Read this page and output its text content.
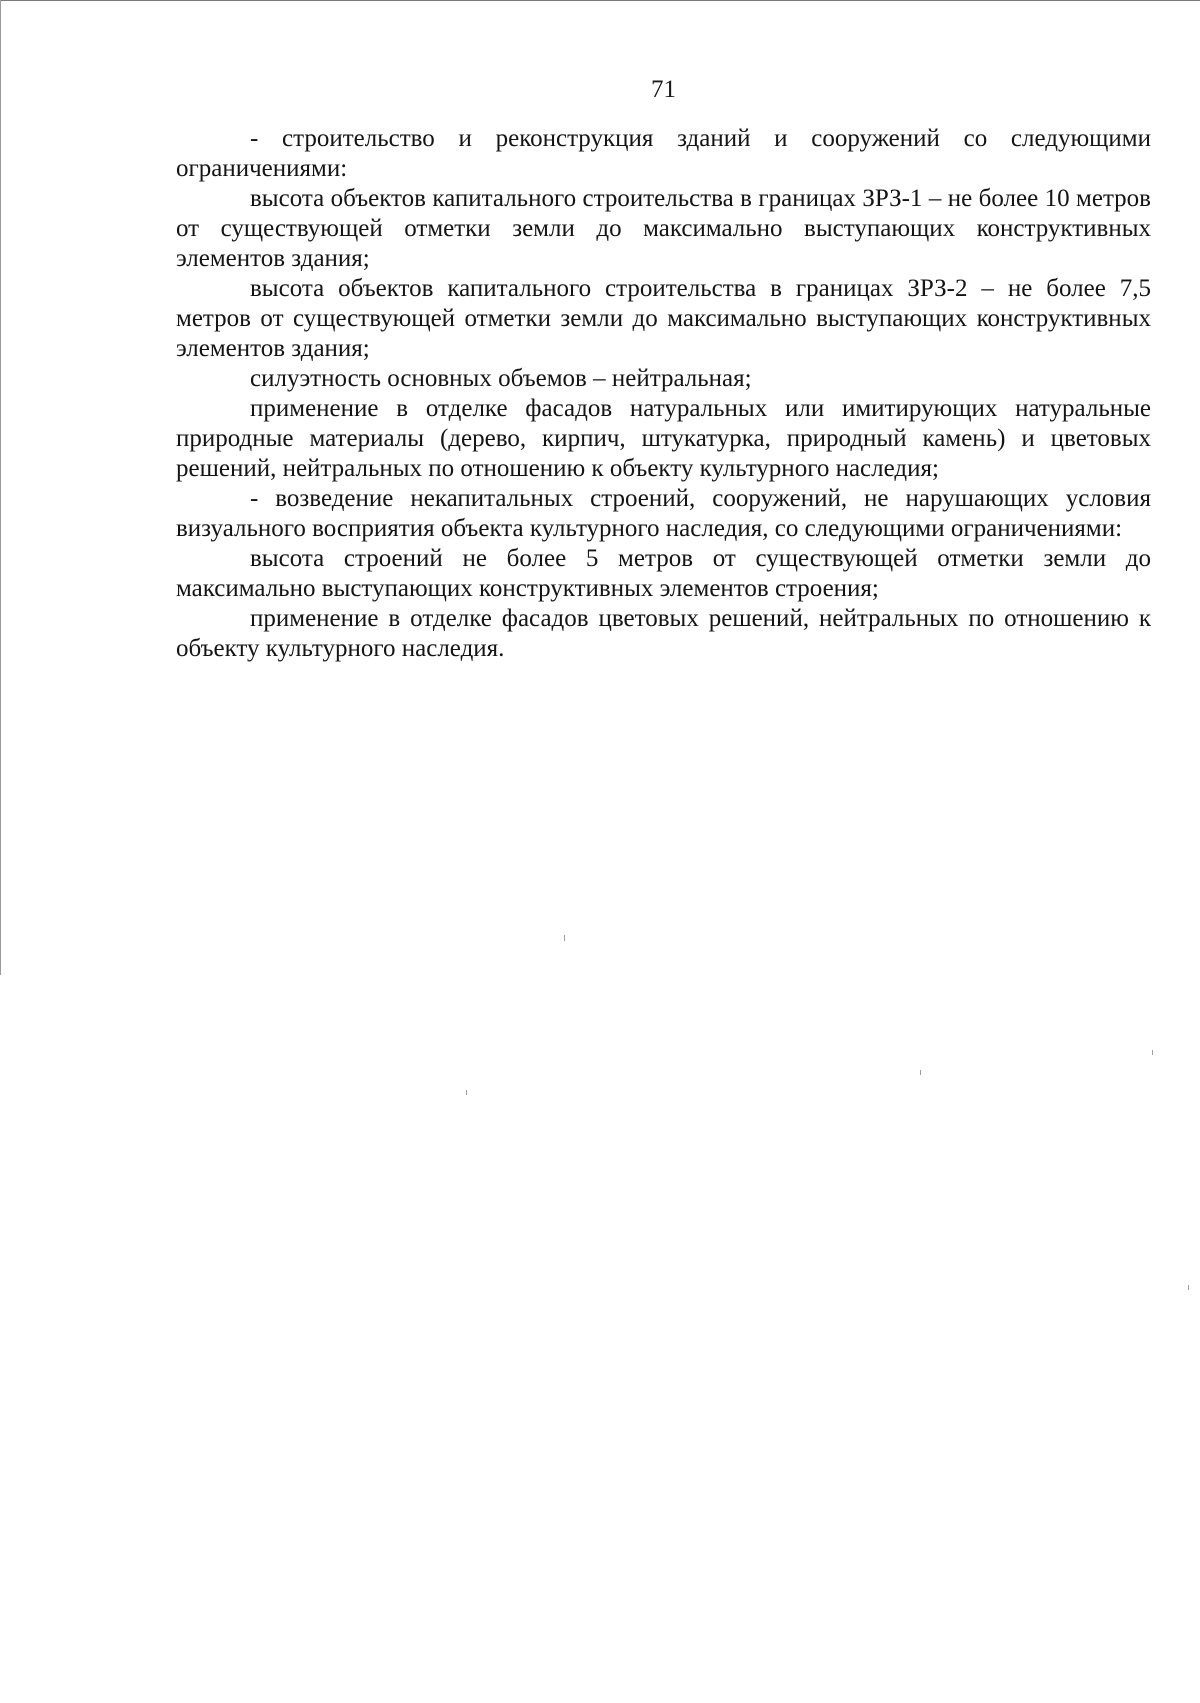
71

- строительство и реконструкция зданий и сооружений со следующими ограничениями:

высота объектов капитального строительства в границах ЗРЗ-1 – не более 10 метров от существующей отметки земли до максимально выступающих конструктивных элементов здания;

высота объектов капитального строительства в границах ЗРЗ-2 – не более 7,5 метров от существующей отметки земли до максимально выступающих конструктивных элементов здания;

силуэтность основных объемов – нейтральная;

применение в отделке фасадов натуральных или имитирующих натуральные природные материалы (дерево, кирпич, штукатурка, природный камень) и цветовых решений, нейтральных по отношению к объекту культурного наследия;

- возведение некапитальных строений, сооружений, не нарушающих условия визуального восприятия объекта культурного наследия, со следующими ограничениями:

высота строений не более 5 метров от существующей отметки земли до максимально выступающих конструктивных элементов строения;

применение в отделке фасадов цветовых решений, нейтральных по отношению к объекту культурного наследия.
